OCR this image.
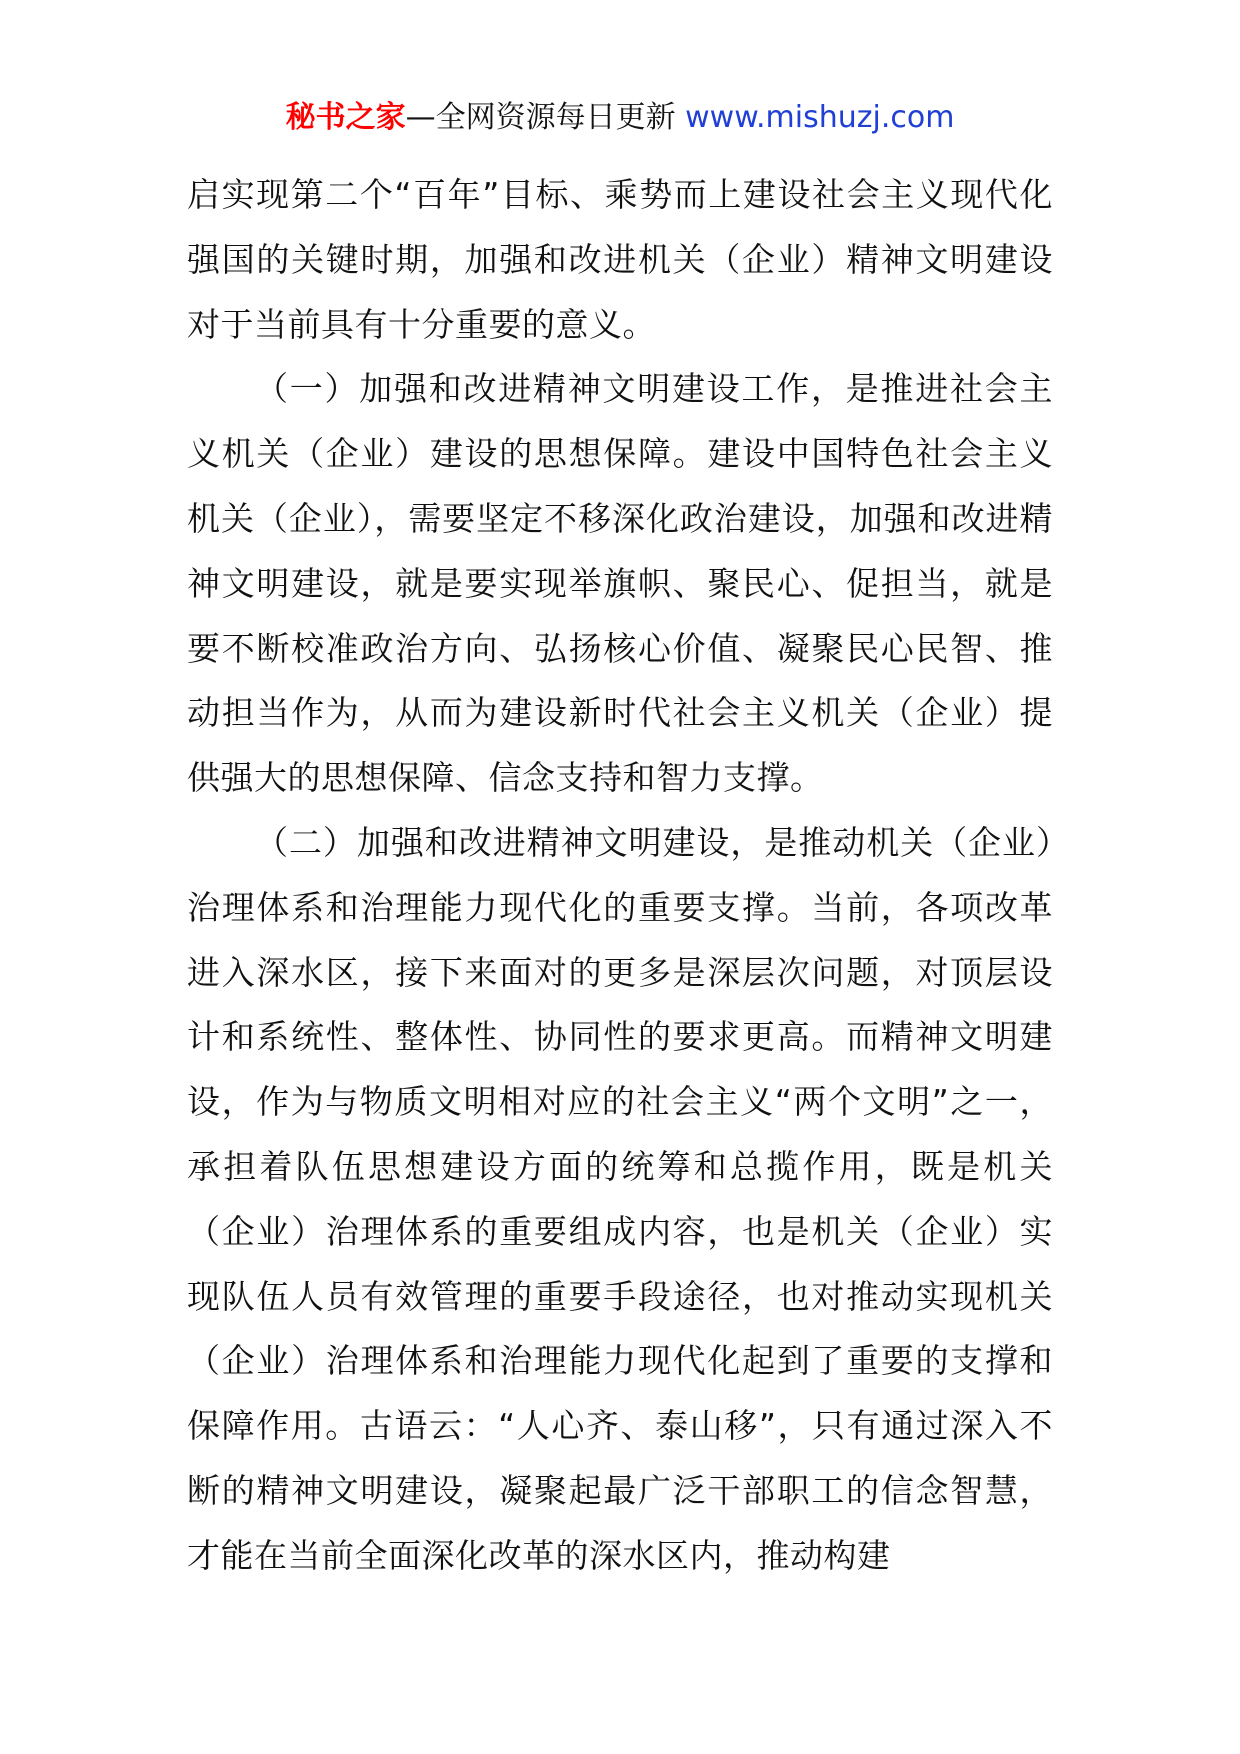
秘书之家—全网资源每日更新 www.mishuzj.com

启实现第二个“百年”目标、乘势而上建设社会主义现代化强国的关键时期，加强和改进机关（企业）精神文明建设对于当前具有十分重要的意义。

（一）加强和改进精神文明建设工作，是推进社会主义机关（企业）建设的思想保障。建设中国特色社会主义机关（企业），需要坚定不移深化政治建设，加强和改进精神文明建设，就是要实现举旗帜、聚民心、促担当，就是要不断校准政治方向、弘扬核心价值、凝聚民心民智、推动担当作为，从而为建设新时代社会主义机关（企业）提供强大的思想保障、信念支持和智力支撑。

（二）加强和改进精神文明建设，是推动机关（企业）治理体系和治理能力现代化的重要支撑。当前，各项改革进入深水区，接下来面对的更多是深层次问题，对顶层设计和系统性、整体性、协同性的要求更高。而精神文明建设，作为与物质文明相对应的社会主义“两个文明”之一，承担着队伍思想建设方面的统筹和总揽作用，既是机关（企业）治理体系的重要组成内容，也是机关（企业）实现队伍人员有效管理的重要手段途径，也对推动实现机关（企业）治理体系和治理能力现代化起到了重要的支撑和保障作用。古语云：“人心齐、泰山移”，只有通过深入不断的精神文明建设，凝聚起最广泛干部职工的信念智慧，才能在当前全面深化改革的深水区内，推动构建
